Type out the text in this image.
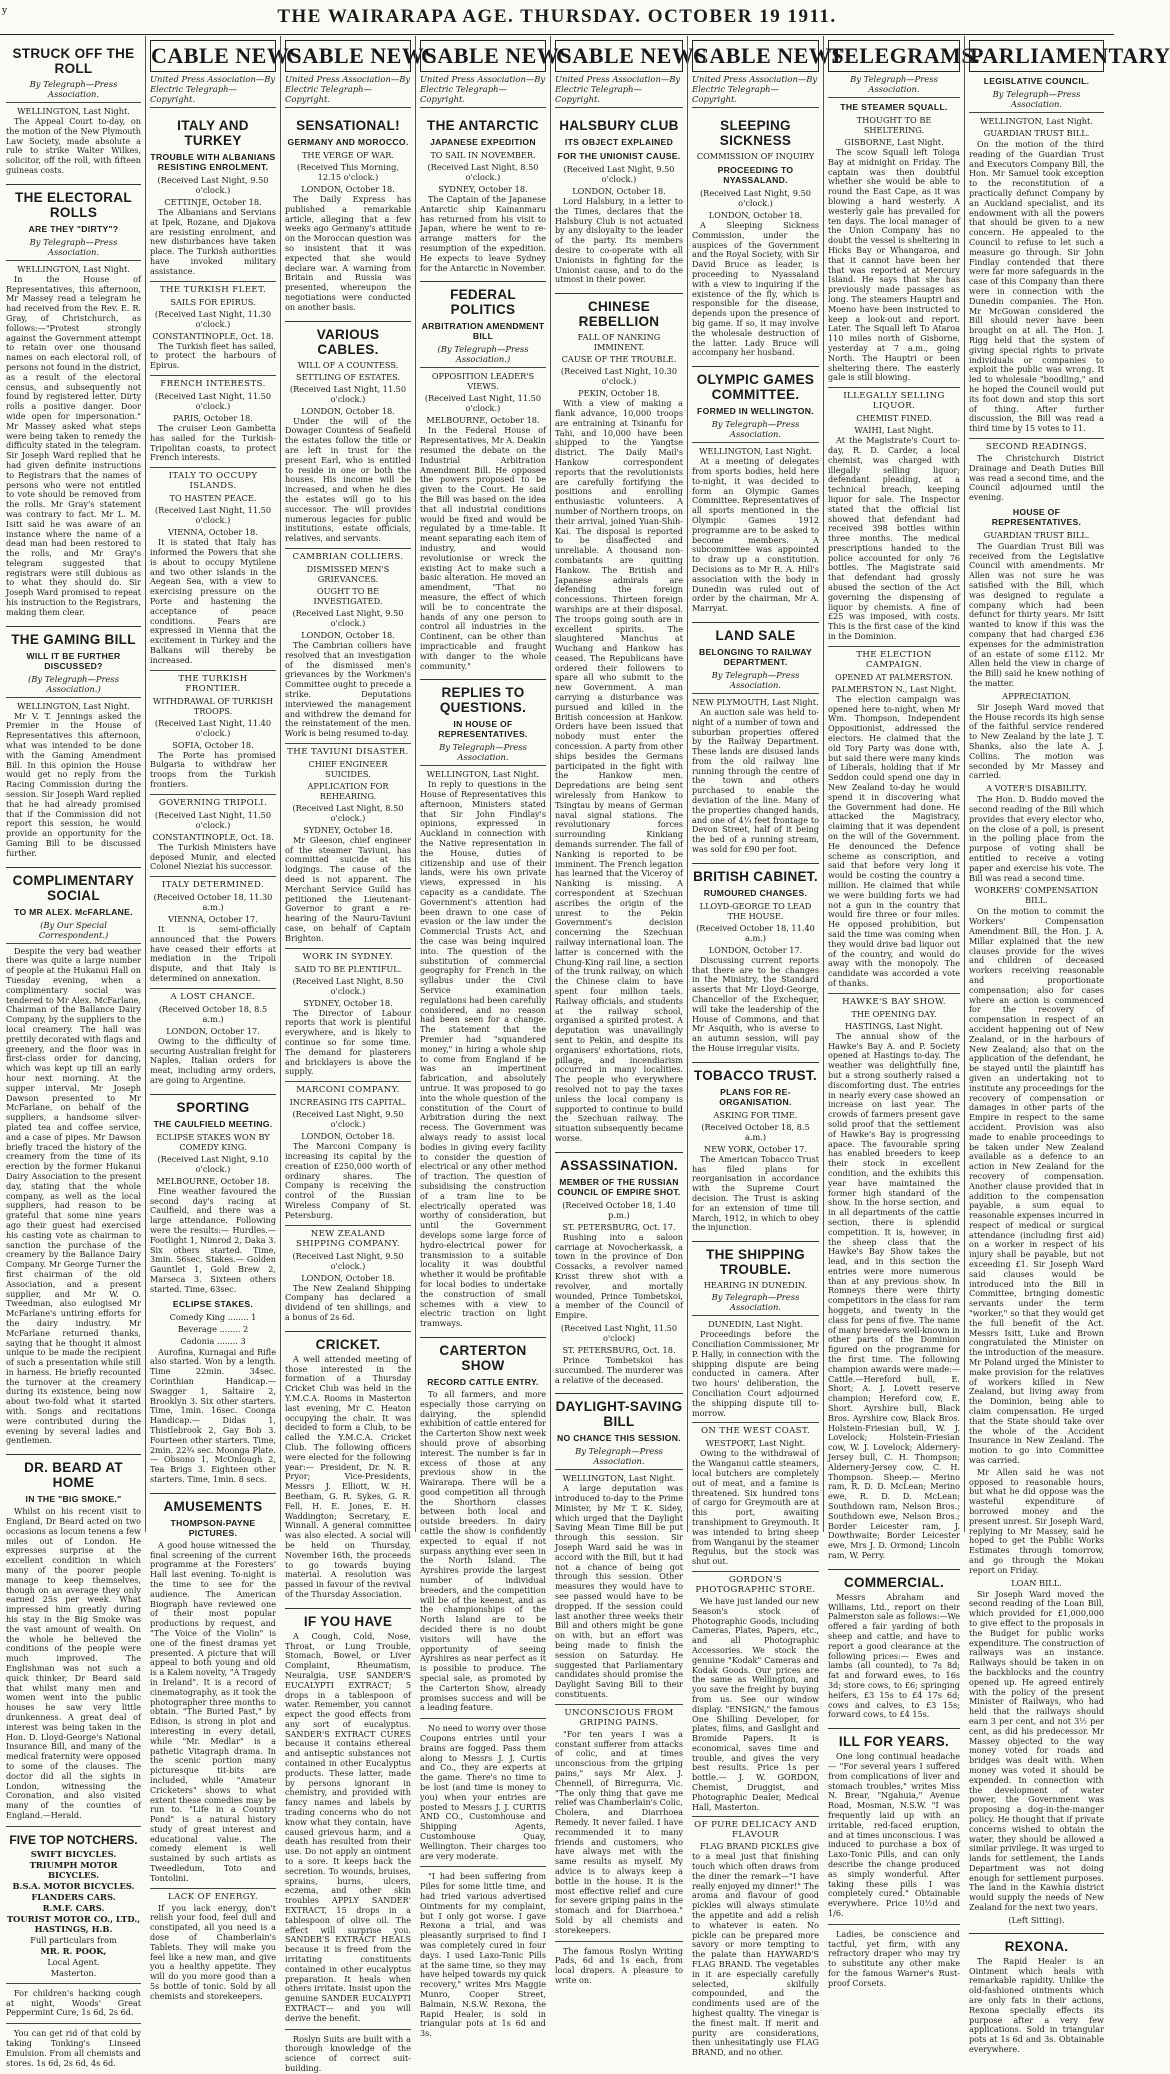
y	THE WAIRARAPA AGE. THURSDAY. OCTOBER 19 1911.
STRUCK OFF THE ROLL
By Telegraph—Press Association.
WELLINGTON, Last Night.

The Appeal Court to-day, on the motion of the New Plymouth Law Society, made absolute a rule to strike Walter Wilkes, solicitor, off the roll, with fifteen guineas costs.

THE ELECTORAL ROLLS
ARE THEY "DIRTY"?
By Telegraph—Press Association.
WELLINGTON, Last Night.

In the House of Representatives, this afternoon, Mr Massey read a telegram he had received from the Rev. E. R. Gray, of Christchurch, as follows:—"Protest strongly against the Government attempt to retain over one thousand names on each electoral roll, of persons not found in the district, as a result of the electoral census, and subsequently not found by registered letter. Dirty rolls a positive danger. Door wide open for impersonation." Mr Massey asked what steps were being taken to remedy the difficulty stated in the telegram. Sir Joseph Ward replied that he had given definite instructions to Registrars that the names of persons who were not entitled to vote should be removed from the rolls. Mr Gray's statement was contrary to fact. Mr L. M. Isitt said he was aware of an instance where the name of a dead man had been restored to the rolls, and Mr Gray's telegram suggested that registrars were still dubious as to what they should do. Sir Joseph Ward promised to repeat his instruction to the Registrars, making them clear.

THE GAMING BILL
WILL IT BE FURTHER DISCUSSED?
(By Telegraph—Press Association.)
WELLINGTON, Last Night.

Mr V. T. Jennings asked the Premier in the House of Representatives this afternoon, what was intended to be done with the Gaming Amendment Bill. In this opinion the House would get no reply from the Racing Commission during the session. Sir Joseph Ward replied that he had already promised that if the Commission did not report this session, he would provide an opportunity for the Gaming Bill to be discussed further.

COMPLIMENTARY SOCIAL
TO MR ALEX. McFARLANE.
(By Our Special Correspondent.)

Despite the very bad weather there was quite a large number of people at the Hukanui Hall on Tuesday evening, when a complimentary social was tendered to Mr Alex. McFarlane, Chairman of the Ballance Dairy Company, by the suppliers to the local creamery. The hall was prettily decorated with flags and greenery, and the floor was in first-class order for dancing, which was kept up till an early hour next morning. At the supper interval, Mr Joseph Dawson presented to Mr McFarlane, on behalf of the suppliers, a handsome silver-plated tea and coffee service, and a case of pipes. Mr Dawson briefly traced the history of the creamery from the time of its erection by the former Hukanui Dairy Association to the present day, stating that the whole company, as well as the local suppliers, had reason to be grateful that some nine years ago their guest had exercised his casting vote as chairman to sanction the purchase of the creamery by the Ballance Dairy Company. Mr George Turner the first chairman of the old Association, and a present supplier, and Mr W. O. Tweedman, also eulogised Mr McFarlane's untiring efforts for the dairy industry. Mr McFarlane returned thanks, saying that he thought it almost unique to be made the recipient of such a presentation while still in harness. He briefly recounted the turnover at the creamery during its existence, being now about two-fold what it started with. Songs and recitations were contributed during the evening by several ladies and gentlemen.

DR. BEARD AT HOME
IN THE "BIG SMOKE."

Whilst on his recent visit to England, Dr Beard acted on two occasions as locum tenens a few miles out of London. He expresses surprise at the excellent condition in which many of the poorer people manage to keep themselves, though on an average they only earned 25s per week. What impressed him greatly during his stay in the Big Smoke was the vast amount of wealth. On the whole he believed the conditions of the people were much improved. The Englishman was not such a quick thinker, Dr Beard said that whilst many men and women went into the public houses he saw very little drunkenness. A great deal of interest was being taken in the Hon. D. Lloyd-George's National Insurance Bill, and many of the medical fraternity were opposed to some of the clauses. The doctor did all the sights in London, witnessing the Coronation, and also visited many of the counties of England.—Herald.

FIVE TOP NOTCHERS.
SWIFT BICYCLES.
TRIUMPH MOTOR BICYCLES.
B.S.A. MOTOR BICYCLES.
FLANDERS CARS.
R.M.F. CARS.
TOURIST MOTOR CO., LTD., HASTINGS, H.B.
Full particulars from
MR. R. POOK,
Local Agent.
Masterton.

For children's hacking cough at night, Woods' Great Peppermint Cure, 1s 6d, 2s 6d.

You can get rid of that cold by taking Tonking's Linseed Emulsion. From all chemists and stores. 1s 6d, 2s 6d, 4s 6d.

CABLE NEWS
United Press Association—By Electric Telegraph—Copyright.
ITALY AND TURKEY
TROUBLE WITH ALBANIANS RESISTING ENROLMENT.
(Received Last Night, 9.50 o'clock.)
CETTINJE, October 18.

The Albanians and Servians at Ipek, Rozane, and Djakova are resisting enrolment, and new disturbances have taken place. The Turkish authorities have invoked military assistance.

THE TURKISH FLEET.
SAILS FOR EPIRUS.
(Received Last Night, 11.30 o'clock.)
CONSTANTINOPLE, Oct. 18.

The Turkish fleet has sailed, to protect the harbours of Epirus.

FRENCH INTERESTS.
(Received Last Night, 11.50 o'clock.)
PARIS, October 18.

The cruiser Leon Gambetta has sailed for the Turkish-Tripolitan coasts, to protect French interests.

ITALY TO OCCUPY ISLANDS.
TO HASTEN PEACE.
(Received Last Night, 11.50 o'clock.)
VIENNA, October 18.

It is stated that Italy has informed the Powers that she is about to occupy Mytilene and two other islands in the Aegean Sea, with a view to exercising pressure on the Porte and hastening the acceptance of peace conditions. Fears are expressed in Vienna that the excitement in Turkey and the Balkans will thereby be increased.

THE TURKISH FRONTIER.
WITHDRAWAL OF TURKISH TROOPS.
(Received Last Night, 11.40 o'clock.)
SOFIA, October 18.

The Porte has promised Bulgaria to withdraw her troops from the Turkish frontiers.

GOVERNING TRIPOLI.
(Received Last Night, 11.50 o'clock.)
CONSTANTINOPLE, Oct. 18.

The Turkish Ministers have deposed Munir, and elected Colonel Nieziat his successor.

ITALY DETERMINED.
(Received October 18, 11.30 a.m.)
VIENNA, October 17.

It is semi-officially announced that the Powers have ceased their efforts at mediation in the Tripoli dispute, and that Italy is determined on annexation.

A LOST CHANCE.
(Received October 18, 8.5 a.m.)
LONDON, October 17.

Owing to the difficulty of securing Australian freight for Naples, Italian orders for meat, including army orders, are going to Argentine.

SPORTING
THE CAULFIELD MEETING.
ECLIPSE STAKES WON BY COMEDY KING.
(Received Last Night, 9.10 o'clock.)
MELBOURNE, October 18.

Fine weather favoured the second day's racing at Caulfield, and there was a large attendance. Following were the results:— Hurdles.— Footlight 1, Nimrod 2, Daka 3. Six others started. Time, 3min. 56sec. Stakes.— Golden Gauntlet 1, Gold Brew 2, Marseca 3. Sixteen others started. Time, 63sec.

ECLIPSE STAKES.
Comedy King ........ 1
Beverage ........ 2
Cadonia ........ 3

Aurofina, Kurnagai and Rifle also started. Won by a length. Time 22min. 34sec. Corinthian Handicap.— Swagger 1, Saltaire 2, Brooklyn 3. Six other starters. Time, 1min. 16sec. Coonga Handicap.— Didas 1, Thistlebrook 2, Gay Bob 3. Fourteen other starters. Time, 2min. 22¾ sec. Moonga Plate.— Obsono 1, McOnlough 2, Tea Brigs 3. Eighteen other starters. Time, 1min. 8 secs.

AMUSEMENTS
THOMPSON-PAYNE PICTURES.

A good house witnessed the final screening of the current programme at the Foresters' Hall last evening. To-night is the time to see for the audience. The American Biograph have reviewed one of their most popular productions by request, and "The Voice of the Violin" is one of the finest dramas yet presented. A picture that will appeal to both young and old is a Kalem novelty, "A Tragedy in Ireland". It is a record of cinematography, as it took the photographer three months to obtain. "The Buried Past," by Edison, is strong in plot and interesting in every detail, while "Mr. Medlar" is a pathetic Vitagraph drama. In the scenic portion many picturesque tit-bits are included, while "Amateur Cricketers" shows to what extent these comedies may be run to. "Life in a Country Pond" is a natural history study of great interest and educational value. The comedy element is well sustained by such artists as Tweedledum, Toto and Tontolini.

LACK OF ENERGY.

If you lack energy, don't relish your food, feel dull and constipated, all you need is a dose of Chamberlain's Tablets. They will make you feel like a new man, and give you a healthy appetite. They will do you more good than a 5s bottle of tonic. Sold by all chemists and storekeepers.

CABLE NEWS
United Press Association—By Electric Telegraph—Copyright.
SENSATIONAL!
GERMANY AND MOROCCO.
THE VERGE OF WAR.
(Received This Morning, 12.15 o'clock.)
LONDON, October 18.

The Daily Express has published a remarkable article, alleging that a few weeks ago Germany's attitude on the Moroccan question was so insistent that it was expected that she would declare war. A warning from Britain and Russia was presented, whereupon the negotiations were conducted on another basis.

VARIOUS CABLES.
WILL OF A COUNTESS.
SETTLING OF ESTATES.
(Received Last Night, 11.50 o'clock.)
LONDON, October 18.

Under the will of the Dowager Countess of Seafield the estates follow the title or are left in trust for the present Earl, who is entitled to reside in one or both the houses. His income will be increased, and when he dies the estates will go to his successor. The will provides numerous legacies for public institutions, estate officials, relatives, and servants.

CAMBRIAN COLLIERS.
DISMISSED MEN'S GRIEVANCES.
OUGHT TO BE INVESTIGATED.
(Received Last Night, 9.50 o'clock.)
LONDON, October 18.

The Cambrian colliers have resolved that an investigation of the dismissed men's grievances by the Workmen's Committee ought to precede a strike. Deputations interviewed the management and withdrew the demand for the reinstatement of the men. Work is being resumed to-day.

THE TAVIUNI DISASTER.
CHIEF ENGINEER SUICIDES.
APPLICATION FOR REHEARING.
(Received Last Night, 8.50 o'clock.)
SYDNEY, October 18.

Mr Gleeson, chief engineer of the steamer Taviuni, has committed suicide at his lodgings. The cause of the deed is not apparent. The Merchant Service Guild has petitioned the Lieutenant-Governor to grant a re-hearing of the Nauru-Taviuni case, on behalf of Captain Brighton.

WORK IN SYDNEY.
SAID TO BE PLENTIFUL.
(Received Last Night, 8.50 o'clock.)
SYDNEY, October 18.

The Director of Labour reports that work is plentiful everywhere, and is likely to continue so for some time. The demand for plasterers and bricklayers is above the supply.

MARCONI COMPANY.
INCREASING ITS CAPITAL.
(Received Last Night, 9.50 o'clock.)
LONDON, October 18.

The Marconi Company is increasing its capital by the creation of £250,000 worth of ordinary shares. The Company is receiving the control of the Russian Wireless Company of St. Petersburg.

NEW ZEALAND SHIPPING COMPANY.
(Received Last Night, 9.50 o'clock.)
LONDON, October 18.

The New Zealand Shipping Company has declared a dividend of ten shillings, and a bonus of 2s 6d.

CRICKET.

A well attended meeting of those interested in the formation of a Thursday Cricket Club was held in the Y.M.C.A. Rooms in Masterton last evening, Mr C. Heaton occupying the chair. It was decided to form a Club, to be called the Y.M.C.A. Cricket Club. The following officers were elected for the following year:— President, Dr. N. R. Pryor; Vice-Presidents, Messrs J. Elliott, W. H. Beetham, G. R. Sykes, G. R. Fell, H. E. Jones, E. H. Waddington; Secretary, E. Winnall. A general committee was also elected. A social will be held on Thursday, November 16th, the proceeds to go towards buying material. A resolution was passed in favour of the revival of the Thursday Association.

IF YOU HAVE

A Cough, Cold, Nose, Throat, or Lung Trouble, Stomach, Bowel, or Liver Complaint, Rheumatism, Neuralgia, USE SANDER'S EUCALYPTI EXTRACT; 5 drops in a tablespoon of water. Remember, you cannot expect the good effects from any sort of eucalyptus. SANDER'S EXTRACT CURES because it contains ethereal and antiseptic substances not contained in other Eucalyptus products. These latter, made by persons ignorant in chemistry, and provided with fancy names and labels by trading concerns who do not know what they contain, have caused grievous harm, and a death has resulted from their use. Do not apply an ointment to a sore. It keeps back the secretion. To wounds, bruises, sprains, burns, ulcers, eczema, and other skin troubles APPLY SANDER' EXTRACT, 15 drops in a tablespoon of olive oil. The effect will surprise you. SANDER'S EXTRACT HEALS because it is freed from the irritating constituents contained in other eucalyptus preparation. It heals when others irritate. Insist upon the genuine SANDER EUCALYPTI EXTRACT— and you will derive the benefit.

Roslyn Suits are built with a thorough knowledge of the science of correct suit-building.

CABLE NEWS
United Press Association—By Electric Telegraph—Copyright.
THE ANTARCTIC
JAPANESE EXPEDITION
TO SAIL IN NOVEMBER.
(Received Last Night, 8.50 o'clock.)
SYDNEY, October 18.

The Captain of the Japanese Antarctic ship Kainanmaru has returned from his visit to Japan, where he went to re-arrange matters for the resumption of the expedition. He expects to leave Sydney for the Antarctic in November.

FEDERAL POLITICS
ARBITRATION AMENDMENT BILL
(By Telegraph—Press Association.)
OPPOSITION LEADER'S VIEWS.
(Received Last Night, 11.50 o'clock.)
MELBOURNE, October 18.

In the Federal House of Representatives, Mr A. Deakin resumed the debate on the Industrial Arbitration Amendment Bill. He opposed the powers proposed to be given to the Court. He said the Bill was based on the idea that all industrial conditions would be fixed and would be regulated by a time-table. It meant separating each item of industry, and would revolutionise or wreck the existing Act to make such a basic alteration. He moved an amendment, "That no measure, the effect of which will be to concentrate the hands of any one person to control all industries in the Continent, can be other than impracticable and fraught with danger to the whole community."

REPLIES TO QUESTIONS.
IN HOUSE OF REPRESENTATIVES.
By Telegraph—Press Association.
WELLINGTON, Last Night.

In reply to questions in the House of Representatives this afternoon, Ministers stated that Sir John Findlay's opinions, expressed in Auckland in connection with the Native representation in the House, duties of citizenship and use of their lands, were his own private views, expressed in his capacity as a candidate. The Government's attention had been drawn to one case of evasion or the law under the Commercial Trusts Act, and the case was being inquired into. The question of the substitution of commercial geography for French in the syllabus under the Civil Service examination regulations had been carefully considered, and no reason had been seen for a change. The statement that the Premier had "squandered money," in hiring a whole ship to come from England if he was an impertinent fabrication, and absolutely untrue. It was proposed to go into the whole question of the constitution of the Court of Arbitration during the next recess. The Government was always ready to assist local bodies in giving every facility to consider the question of electrical or any other method of traction. The question of subsidising the construction of a tram line to be electrically operated was worthy of consideration, but until the Government develops some large force of hydro-electrical power for transmission to a suitable locality it was doubtful whether it would be profitable for local bodies to undertake the construction of small schemes with a view to electric traction on light tramways.

CARTERTON SHOW
RECORD CATTLE ENTRY.

To all farmers, and more especially those carrying on dairying, the splendid exhibition of cattle entered for the Carterton Show next week should prove of absorbing interest. The number is far in excess of those at any previous show in the Wairarapa. There will be a good competition all through the Shorthorn classes between both local and outside breeders. In dairy cattle the show is confidently expected to equal if not surpass anything ever seen in the North Island. The Ayrshires provide the largest number of individual breeders, and the competition will be of the keenest, and as the championships of the North Island are to be decided there is no doubt visitors will have the opportunity of seeing Ayrshires as near perfect as it is possible to produce. The special sale, as promoted by the Carterton Show, already promises success and will be a leading feature.

No need to worry over those Coupons entries until your brains are fogged. Pass them along to Messrs J. J. Curtis and Co., they are experts at the game. There's no time to be lost (and time is money to you) when your entries are posted to Messrs J. J. CURTIS AND CO., Customhouse and Shipping Agents, Customhouse Quay, Wellington. Their charges too are very moderate.

"I had been suffering from Piles for some little time, and had tried various advertised Ointments for my complaint, but I only got worse. I gave Rexona a trial, and was pleasantly surprised to find I was completely cured in four days. I used Laxo-Tonic Pills at the same time, so they may have helped towards my quick recovery," writes Mrs Maggie Munro, Cooper Street, Balmain, N.S.W. Rexona, the Rapid Healer, is sold in triangular pots at 1s 6d and 3s.

CABLE NEWS
United Press Association—By Electric Telegraph—Copyright.
HALSBURY CLUB
ITS OBJECT EXPLAINED
FOR THE UNIONIST CAUSE.
(Received Last Night, 9.50 o'clock.)
LONDON, October 18.

Lord Halsbury, in a letter to the Times, declares that the Halsbury Club is not actuated by any disloyalty to the leader of the party. Its members desire to co-operate with all Unionists in fighting for the Unionist cause, and to do the utmost in their power.

CHINESE REBELLION
FALL OF NANKING IMMINENT.
CAUSE OF THE TROUBLE.
(Received Last Night, 10.30 o'clock.)
PEKIN, October 18.

With a view of making a flank advance, 10,000 troops are entraining at Tsinanfu for Tahi, and 10,000 have been shipped to the Yangtse district. The Daily Mail's Hankow correspondent reports that the revolutionists are carefully fortifying the positions and enrolling enthusiastic volunteers. A number of Northern troops, on their arrival, joined Yuan-Shih-Kai. The disposal is reported to be disaffected and unreliable. A thousand non-combatants are quitting Hankow. The British and Japanese admirals are defending the foreign concessions. Thirteen foreign warships are at their disposal. The troops going south are in excellent spirits. The slaughtered Manchus at Wuchang and Hankow has ceased. The Republicans have ordered their followers to spare all who submit to the new Government. A man carrying a disturbance was pursued and killed in the British concession at Hankow. Orders have been issued that nobody must enter the concession. A party from other ships besides the Germans participated in the fight with the Hankow men. Depredations are being sent wirelessly from Hankow to Tsingtau by means of German naval signal stations. The revolutionary forces surrounding Kinkiang demands surrender. The fall of Nanking is reported to be imminent. The French legation has learned that the Viceroy of Nanking is missing. A correspondent at Szechuan ascribes the origin of the unrest to the Pekin Government's decision concerning the Szechuan railway international loan. The latter is concerned with the Chung-King rail line, a section of the trunk railway, on which the Chinese claim to have spent four million taels. Railway officials, and students at the railway school, organised a spirited protest. A deputation was unavailingly sent to Pekin, and despite its organisers' exhortations, riots, pillage, and incendiarism occurred in many localities. The people who everywhere resolved not to pay the taxes unless the local company is supported to continue to build the Szechuan railway. The situation subsequently became worse.

ASSASSINATION.
MEMBER OF THE RUSSIAN COUNCIL OF EMPIRE SHOT.
(Received October 18, 1.40 p.m.)
ST. PETERSBURG, Oct. 17.

Rushing into a saloon carriage at Novocherkassk, a town in the province of Don Cossacks, a revolver named Krisst threw shot with a revolver, and mortally wounded, Prince Tombetskoi, a member of the Council of Empire.

(Received Last Night, 11.50 o'clock)
ST. PETERSBURG, Oct. 18.

Prince Tombetskoi has succumbed. The murderer was a relative of the deceased.

DAYLIGHT-SAVING BILL
NO CHANCE THIS SESSION.
By Telegraph—Press Association.
WELLINGTON, Last Night.

A large deputation was introduced to-day to the Prime Minister, by Mr T. K. Sidey, which urged that the Daylight Saving Mean Time Bill be put through this session. Sir Joseph Ward said he was in accord with the Bill, but it had not a chance of being got through this session. Other measures they would have to see passed would have to be dropped. If the session could last another three weeks their Bill and others might be gone on with, but an effort was being made to finish the session on Saturday. He suggested that Parliamentary candidates should promise the Daylight Saving Bill to their constituents.

UNCONSCIOUS FROM GRIPING PAINS.

"For ten years I was a constant sufferer from attacks of colic, and at times unconscious from the griping pains," says Mr Alex. J. Chennell, of Birregurra, Vic. "The only thing that gave me relief was Chamberlain's Colic, Cholera, and Diarrhoea Remedy. It never failed. I have recommended it to many friends and customers, who have always met with the same results as myself. My advice is to always keep a bottle in the house. It is the most effective relief and cure for severe griping pains in the stomach and for Diarrhoea." Sold by all chemists and storekeepers.

The famous Roslyn Writing Pads, 6d and 1s each, from local drapers. A pleasure to write on.

CABLE NEWS
United Press Association—By Electric Telegraph—Copyright.
SLEEPING SICKNESS
COMMISSION OF INQUIRY
PROCEEDING TO NYASSALAND.
(Received Last Night, 9.50 o'clock.)
LONDON, October 18.

A Sleeping Sickness Commission, under the auspices of the Government and the Royal Society, with Sir David Bruce as leader, is proceeding to Nyassaland with a view to inquiring if the existence of the fly, which is responsible for the disease, depends upon the presence of big game. If so, it may involve the wholesale destruction of the latter. Lady Bruce will accompany her husband.

OLYMPIC GAMES COMMITTEE.
FORMED IN WELLINGTON.
By Telegraph—Press Association.
WELLINGTON, Last Night.

At a meeting of delegates from sports bodies, held here to-night, it was decided to form an Olympic Games Committee. Representatives of all sports mentioned in the Olympic Games 1912 programme are to be asked to become members. A subcommittee was appointed to draw up a constitution. Decisions as to Mr R. A. Hill's association with the body in Dunedin was ruled out of order by the chairman, Mr A. Marryat.

LAND SALE
BELONGING TO RAILWAY DEPARTMENT.
By Telegraph—Press Association.
NEW PLYMOUTH, Last Night.

An auction sale was held to-night of a number of town and suburban properties offered by the Railway Department. These lands are disused lands from the old railway line running through the centre of the town and others purchased to enable the deviation of the line. Many of the properties changed hands, and one of 4¼ feet frontage to Devon Street, half of it being the bed of a running stream, was sold for £90 per foot.

BRITISH CABINET.
RUMOURED CHANGES.
LLOYD-GEORGE TO LEAD THE HOUSE.
(Received October 18, 11.40 a.m.)
LONDON, October 17.

Discussing current reports that there are to be changes in the Ministry, the Standard asserts that Mr Lloyd-George, Chancellor of the Exchequer, will take the leadership of the House of Commons, and that Mr Asquith, who is averse to an autumn session, will pay the House irregular visits.

TOBACCO TRUST.
PLANS FOR RE-ORGANISATION.
ASKING FOR TIME.
(Received October 18, 8.5 a.m.)
NEW YORK, October 17.

The American Tobacco Trust has filed plans for reorganisation in accordance with the Supreme Court decision. The Trust is asking for an extension of time till March, 1912, in which to obey the injunction.

THE SHIPPING TROUBLE.
HEARING IN DUNEDIN.
By Telegraph—Press Association.
DUNEDIN, Last Night.

Proceedings before the Conciliation Commissioner, Mr P. Hally, in connection with the shipping dispute are being conducted in camera. After two hours' deliberation, the Conciliation Court adjourned the shipping dispute till to-morrow.

ON THE WEST COAST.
WESTPORT, Last Night.

Owing to the withdrawal of the Wanganui cattle steamers, local butchers are completely out of meat, and a famine is threatened. Six hundred tons of cargo for Greymouth are at this port, awaiting transhipment to Greymouth. It was intended to bring sheep from Wanganui by the steamer Regulus, but the stock was shut out.

GORDON'S PHOTOGRAPHIC STORE.

We have just landed our new Season's stock of Photographic Goods, including Cameras, Plates, Papers, etc., and all Photographic Accessories. We stock the genuine "Kodak" Cameras and Kodak Goods. Our prices are the same as Wellington, and you save the freight by buying from us. See our window display. "ENSIGN," the famous One Shilling Developer, for plates, films, and Gaslight and Bromide Papers. It is economical, saves time and trouble, and gives the very best results. Price 1s per bottle.— J. W. GORDON, Chemist, Druggist, and Photographic Dealer, Medical Hall, Masterton.

OF PURE DELICACY AND FLAVOUR

FLAG BRAND PICKLES give to a meal just that finishing touch which often draws from the diner the remark—"I have really enjoyed my dinner!" The aroma and flavour of good pickles will always stimulate the appetite and add a relish to whatever is eaten. No pickle can be prepared more savory or more tempting to the palate than HAYWARD'S FLAG BRAND. The vegetables in it are especially carefully selected, skilfully compounded, and the condiments used are of the highest quality. The vinegar is the finest malt. If merit and purity are considerations, then unhesitatingly use FLAG BRAND, and no other.

TELEGRAMS.
By Telegraph—Press Association.
THE STEAMER SQUALL.
THOUGHT TO BE SHELTERING.
GISBORNE, Last Night.

The scow Squall left Tologa Bay at midnight on Friday. The captain was then doubtful whether she would be able to round the East Cape, as it was blowing a hard westerly. A westerly gale has prevailed for ten days. The local manager of the Union Company has no doubt the vessel is sheltering in Hicks Bay or Whangaroa, and that it cannot have been her that was reported at Mercury Island. He says that she has previously made passages as long. The steamers Hauptri and Moeno have been instructed to keep a look-out and report. Later. The Squall left To Ataroa 110 miles north of Gisborne, yesterday at 7 a.m., going North. The Hauptri or been sheltering there. The easterly gale is still blowing.

ILLEGALLY SELLING LIQUOR.
CHEMIST FINED.
WAIHI, Last Night.

At the Magistrate's Court to-day, R. D. Carder, a local chemist, was charged with illegally selling liquor; defendant pleading, at a technical breach, keeping liquor for sale. The Inspector stated that the official list showed that defendant had received 398 bottles within three months. The medical prescriptions handed to the police accounted for only 76 bottles. The Magistrate said that defendant had grossly abused the section of the Act governing the dispensing of liquor by chemists. A fine of £25 was imposed, with costs. This is the first case of the kind in the Dominion.

THE ELECTION CAMPAIGN.
OPENED AT PALMERSTON.
PALMERSTON N., Last Night.

The election campaign was opened here to-night, when Mr Wm. Thompson, Independent Oppositionist, addressed the electors. He claimed that the old Tory Party was done with, but said there were many kinds of Liberals, holding that if Mr Seddon could spend one day in New Zealand to-day he would spend it in discovering what the Government had done. He attacked the Magistracy, claiming that it was dependent on the will of the Government. He denounced the Defence scheme as conscription, and said that before very long it would be costing the country a million. He claimed that while we were building forts we had not a gun in the country that would fire three or four miles. He opposed prohibition, but said the time was coming when they would drive bad liquor out of the country, and would do away with the monopoly. The candidate was accorded a vote of thanks.

HAWKE'S BAY SHOW.
THE OPENING DAY.
HASTINGS, Last Night.

The annual show of the Hawke's Bay A. and P. Society opened at Hastings to-day. The weather was delightfully fine, but a strong southerly raised a discomforting dust. The entries in nearly every case showed an increase on last year. The crowds of farmers present gave solid proof that the settlement of Hawke's Bay is progressing apace. The favourable spring has enabled breeders to keep their stock in excellent condition, and the exhibits this year have maintained the former high standard of the show. In the horse section, and in all departments of the cattle section, there is splendid competition. It is, however, in the sheep class that the Hawke's Bay Show takes the lead, and in this section the entries were more numerous than at any previous show. In Romneys there were thirty competitors in the class for ram hoggets, and twenty in the class for pens of five. The name of many breeders well-known in other parts of the Dominion figured on the programme for the first time. The following champion awards were made:— Cattle.—Hereford bull, E. Short; A. J. Lovett reserve champion; Hereford cow, E. Short. Ayrshire bull, Black Bros. Ayrshire cow, Black Bros. Holstein-Friesian bull, W. J. Lovelock; Holstein-Friesian cow, W. J. Lovelock; Aldernery-Jersey bull, C. H. Thompson; Aldernery-Jersey cow, C. H. Thompson. Sheep.— Merino ram, R. D. D. McLean; Merino ewe, R. D. D. McLean; Southdown ram, Nelson Bros.; Southdown ewe, Nelson Bros.; Border Leicester ram, J. Dowthwaite; Border Leicester ewe, Mrs J. D. Ormond; Lincoln ram, W. Perry.

COMMERCIAL.

Messrs Abraham and Williams, Ltd., report on their Palmerston sale as follows:—We offered a fair yarding of both sheep and cattle, and have to report a good clearance at the following prices:— Ewes and lambs (all counted), to 7s 8d; fat and forward ewes, to 16s 3d; store cows, to £6; springing heifers, £3 15s to £4 17s 6d; cows and calves, to £3 15s; forward cows, to £4 15s.

ILL FOR YEARS.

One long continual headache— "For several years I suffered from complications of liver and stomach troubles," writes Miss N. Brear, "Ngahuia," Avenue Road, Mosman, N.S.W. "I was frequently laid up with an irritable, red-faced eruption, and at times unconscious. I was induced to purchase a box of Laxo-Tonic Pills, and can only describe the change produced as simply wonderful. After taking these pills I was completely cured." Obtainable everywhere. Price 10½d and 1/6.

Ladies, be conscience and tactful, yet firm, with any refractory draper who may try to substitute any other make for the famous Warner's Rust-proof Corsets.

PARLIAMENTARY
LEGISLATIVE COUNCIL.
By Telegraph—Press Association.
WELLINGTON, Last Night.
GUARDIAN TRUST BILL.

On the motion of the third reading of the Guardian Trust and Executors Company Bill, the Hon. Mr Samuel took exception to the reconstitution of a practically defunct Company by an Auckland specialist, and its endowment with all the powers that should be given to a new concern. He appealed to the Council to refuse to let such a measure go through. Sir John Findlay contended that there were far more safeguards in the case of this Company than there were in connection with the Dunedin companies. The Hon. Mr McGowan considered the Bill should never have been brought on at all. The Hon. J. Rigg held that the system of giving special rights to private individuals or companies to exploit the public was wrong. It led to wholesale "boodling," and he hoped the Council would put its foot down and stop this sort of thing. After further discussion, the Bill was read a third time by 15 votes to 11.

SECOND READINGS.

The Christchurch District Drainage and Death Duties Bill was read a second time, and the Council adjourned until the evening.

HOUSE OF REPRESENTATIVES.
GUARDIAN TRUST BILL.

The Guardian Trust Bill was received from the Legislative Council with amendments. Mr Allen was not sure he was satisfied with the Bill, which was designed to regulate a company which had been defunct for thirty years. Mr Isitt wanted to know if this was the company that had charged £36 expenses for the administration of an estate of some £112. Mr Allen held the view in charge of the Bill) said he knew nothing of the matter.

APPRECIATION.

Sir Joseph Ward moved that the House records its high sense of the faithful service rendered to New Zealand by the late J. T. Shanks, also the late A. J. Collins. The motion was seconded by Mr Massey and carried.

A VOTER'S DISABILITY.

The Hon. D. Buddo moved the second reading of the Bill which provides that every elector who, on the close of a poll, is present in the polling place from the purpose of voting shall be entitled to receive a voting paper and exercise his vote. The Bill was read a second time.

WORKERS' COMPENSATION BILL.

On the motion to commit the Workers' Compensation Amendment Bill, the Hon. J. A. Millar explained that the new clauses provide for the wives and children of deceased workers receiving reasonable and proportionate compensation; also for cases where an action is commenced for the recovery of compensation in respect of an accident happening out of New Zealand, or in the harbours of New Zealand; also that on the application of the defendant, he be stayed until the plaintiff has given an undertaking not to institute any proceedings for the recovery of compensation or damages in other parts of the Empire in respect to the same accident. Provision was also made to enable proceedings to be taken under New Zealand available as a defence to an action in New Zealand for the recovery of compensation. Another clause provided that in addition to the compensation payable, a sum equal to reasonable expenses incurred in respect of medical or surgical attendance (including first aid) on a worker in respect of his injury shall be payable, but not exceeding £1. Sir Joseph Ward said clauses would be introduced into the Bill in Committee, bringing domestic servants under the term "worker," so that they would get the full benefit of the Act. Messrs Isitt, Luke and Brown congratulated the Minister on the introduction of the measure. Mr Poland urged the Minister to make provision for the relatives of workers killed in New Zealand, but living away from the Dominion, being able to claim compensation. He urged that the State should take over the whole of the Accident Insurance in New Zealand. The motion to go into Committee was carried.

Mr Allen said he was not opposed to reasonable hours, but what he did oppose was the wasteful expenditure of borrowed money and the present unrest. Sir Joseph Ward, replying to Mr Massey, said he hoped to get the Public Works Estimates through tomorrow, and go through the Mokau report on Friday.

LOAN BILL.

Sir Joseph Ward moved the second reading of the Loan Bill, which provided for £1,000,000 to give effect to the proposals in the Budget for public works expenditure. The construction of railways was an instance. Railways should be taken in on the backblocks and the country opened up. He agreed entirely with the policy of the present Minister of Railways, who had held that the railways should earn 3 per cent, and not 3½ per cent, as did his predecessor. Mr Massey objected to the way money voted for roads and bridges was dealt with. When money was voted it should be expended. In connection with the development of water power, the Government was proposing a dog-in-the-manger policy. He thought that if private concerns wished to obtain the water, they should be allowed a similar privilege. It was urged to lands for settlement, the Lands Department was not doing enough for settlement purposes. The land in the Kawhia district would supply the needs of New Zealand for the next two years.

(Left Sitting).
REXONA.

The Rapid Healer is an Ointment which heals with remarkable rapidity. Unlike the old-fashioned ointments which are only fats in their actions, Rexona specially effects its purpose after a very few applications. Sold in triangular pots at 1s 6d and 3s. Obtainable everywhere.
